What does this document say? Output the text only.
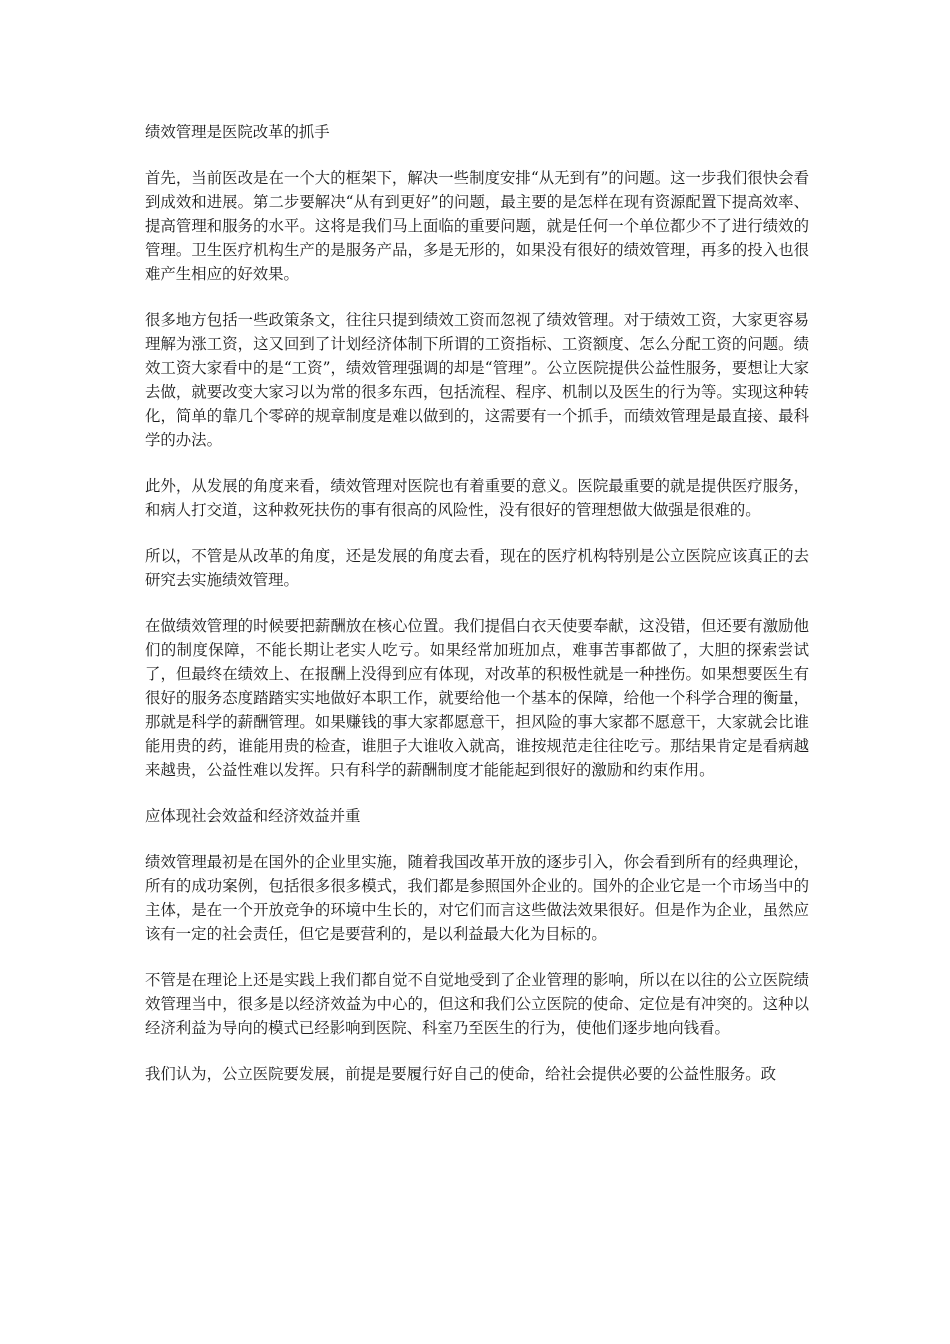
绩效管理是医院改革的抓手

首先，当前医改是在一个大的框架下，解决一些制度安排“从无到有”的问题。这一步我们很快会看到成效和进展。第二步要解决“从有到更好”的问题，最主要的是怎样在现有资源配置下提高效率、提高管理和服务的水平。这将是我们马上面临的重要问题，就是任何一个单位都少不了进行绩效的管理。卫生医疗机构生产的是服务产品，多是无形的，如果没有很好的绩效管理，再多的投入也很难产生相应的好效果。

很多地方包括一些政策条文，往往只提到绩效工资而忽视了绩效管理。对于绩效工资，大家更容易理解为涨工资，这又回到了计划经济体制下所谓的工资指标、工资额度、怎么分配工资的问题。绩效工资大家看中的是“工资”，绩效管理强调的却是“管理”。公立医院提供公益性服务，要想让大家去做，就要改变大家习以为常的很多东西，包括流程、程序、机制以及医生的行为等。实现这种转化，简单的靠几个零碎的规章制度是难以做到的，这需要有一个抓手，而绩效管理是最直接、最科学的办法。

此外，从发展的角度来看，绩效管理对医院也有着重要的意义。医院最重要的就是提供医疗服务，和病人打交道，这种救死扶伤的事有很高的风险性，没有很好的管理想做大做强是很难的。

所以，不管是从改革的角度，还是发展的角度去看，现在的医疗机构特别是公立医院应该真正的去研究去实施绩效管理。

在做绩效管理的时候要把薪酬放在核心位置。我们提倡白衣天使要奉献，这没错，但还要有激励他们的制度保障，不能长期让老实人吃亏。如果经常加班加点，难事苦事都做了，大胆的探索尝试了，但最终在绩效上、在报酬上没得到应有体现，对改革的积极性就是一种挫伤。如果想要医生有很好的服务态度踏踏实实地做好本职工作，就要给他一个基本的保障，给他一个科学合理的衡量，那就是科学的薪酬管理。如果赚钱的事大家都愿意干，担风险的事大家都不愿意干，大家就会比谁能用贵的药，谁能用贵的检查，谁胆子大谁收入就高，谁按规范走往往吃亏。那结果肯定是看病越来越贵，公益性难以发挥。只有科学的薪酬制度才能能起到很好的激励和约束作用。

应体现社会效益和经济效益并重

绩效管理最初是在国外的企业里实施，随着我国改革开放的逐步引入，你会看到所有的经典理论，所有的成功案例，包括很多很多模式，我们都是参照国外企业的。国外的企业它是一个市场当中的主体，是在一个开放竞争的环境中生长的，对它们而言这些做法效果很好。但是作为企业，虽然应该有一定的社会责任，但它是要营利的，是以利益最大化为目标的。

不管是在理论上还是实践上我们都自觉不自觉地受到了企业管理的影响，所以在以往的公立医院绩效管理当中，很多是以经济效益为中心的，但这和我们公立医院的使命、定位是有冲突的。这种以经济利益为导向的模式已经影响到医院、科室乃至医生的行为，使他们逐步地向钱看。

我们认为，公立医院要发展，前提是要履行好自己的使命，给社会提供必要的公益性服务。政
